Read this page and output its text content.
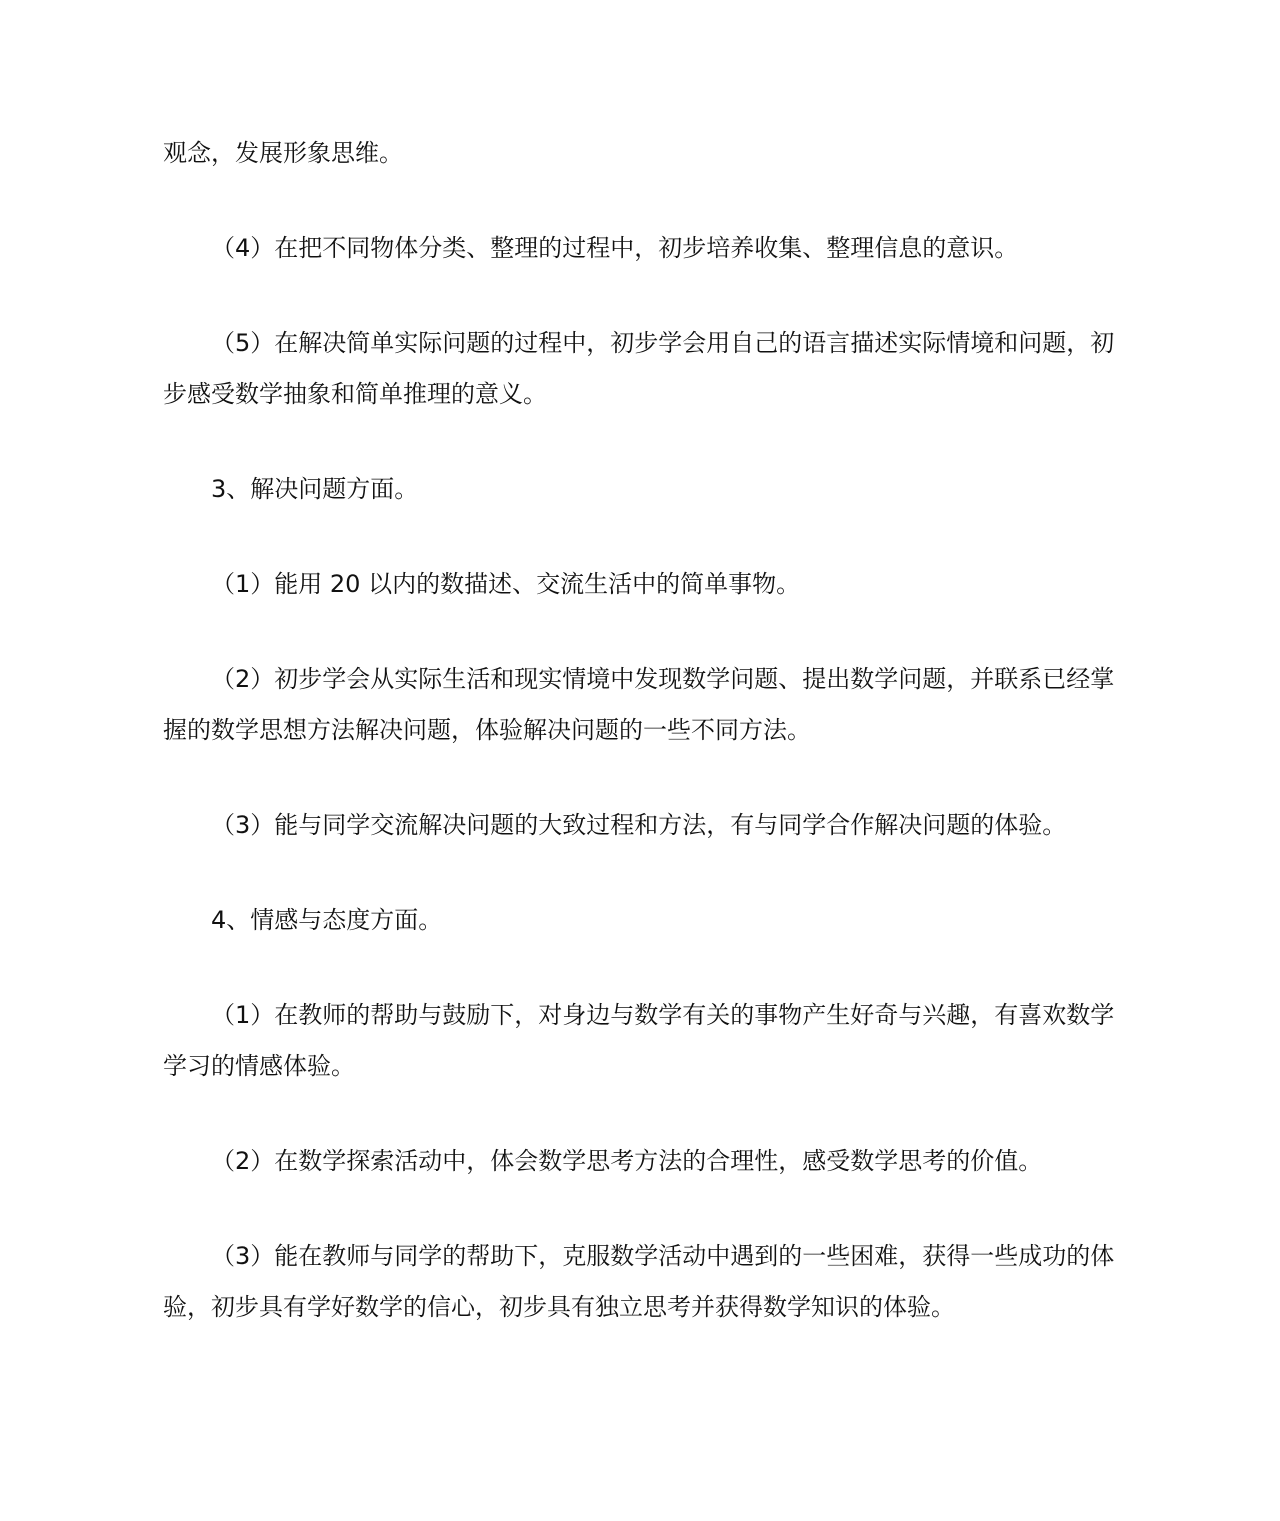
观念，发展形象思维。

（4）在把不同物体分类、整理的过程中，初步培养收集、整理信息的意识。

（5）在解决简单实际问题的过程中，初步学会用自己的语言描述实际情境和问题，初
步感受数学抽象和简单推理的意义。

3、解决问题方面。

（1）能用 20 以内的数描述、交流生活中的简单事物。

（2）初步学会从实际生活和现实情境中发现数学问题、提出数学问题，并联系已经掌
握的数学思想方法解决问题，体验解决问题的一些不同方法。

（3）能与同学交流解决问题的大致过程和方法，有与同学合作解决问题的体验。

4、情感与态度方面。

（1）在教师的帮助与鼓励下，对身边与数学有关的事物产生好奇与兴趣，有喜欢数学
学习的情感体验。

（2）在数学探索活动中，体会数学思考方法的合理性，感受数学思考的价值。

（3）能在教师与同学的帮助下，克服数学活动中遇到的一些困难，获得一些成功的体
验，初步具有学好数学的信心，初步具有独立思考并获得数学知识的体验。
